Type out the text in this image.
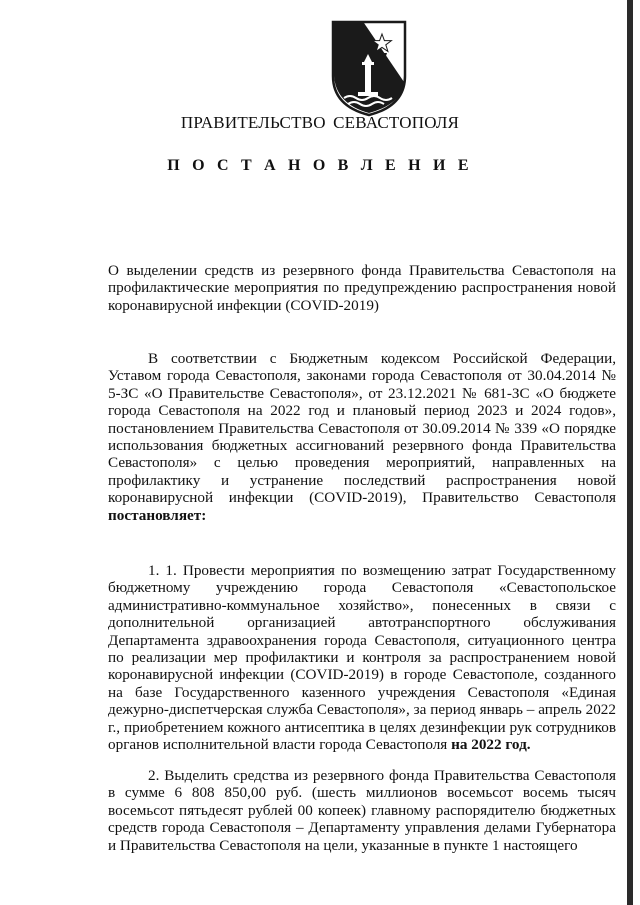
ПРАВИТЕЛЬСТВО СЕВАСТОПОЛЯ
П О С Т А Н О В Л Е Н И Е
О выделении средств из резервного фонда Правительства Севастополя на профилактические мероприятия по предупреждению распространения новой коронавирусной инфекции (COVID-2019)
В соответствии с Бюджетным кодексом Российской Федерации, Уставом города Севастополя, законами города Севастополя от 30.04.2014 № 5-ЗС «О Правительстве Севастополя», от 23.12.2021 № 681-ЗС «О бюджете города Севастополя на 2022 год и плановый период 2023 и 2024 годов», постановлением Правительства Севастополя от 30.09.2014 № 339 «О порядке использования бюджетных ассигнований резервного фонда Правительства Севастополя» с целью проведения мероприятий, направленных на профилактику и устранение последствий распространения новой коронавирусной инфекции (COVID-2019), Правительство Севастополя постановляет:
1. 1. Провести мероприятия по возмещению затрат Государственному бюджетному учреждению города Севастополя «Севастопольское административно-коммунальное хозяйство», понесенных в связи с дополнительной организацией автотранспортного обслуживания Департамента здравоохранения города Севастополя, ситуационного центра по реализации мер профилактики и контроля за распространением новой коронавирусной инфекции (COVID-2019) в городе Севастополе, созданного на базе Государственного казенного учреждения Севастополя «Единая дежурно-диспетчерская служба Севастополя», за период январь – апрель 2022 г., приобретением кожного антисептика в целях дезинфекции рук сотрудников органов исполнительной власти города Севастополя на 2022 год.
2. Выделить средства из резервного фонда Правительства Севастополя в сумме 6 808 850,00 руб. (шесть миллионов восемьсот восемь тысяч восемьсот пятьдесят рублей 00 копеек) главному распорядителю бюджетных средств города Севастополя – Департаменту управления делами Губернатора и Правительства Севастополя на цели, указанные в пункте 1 настоящего
